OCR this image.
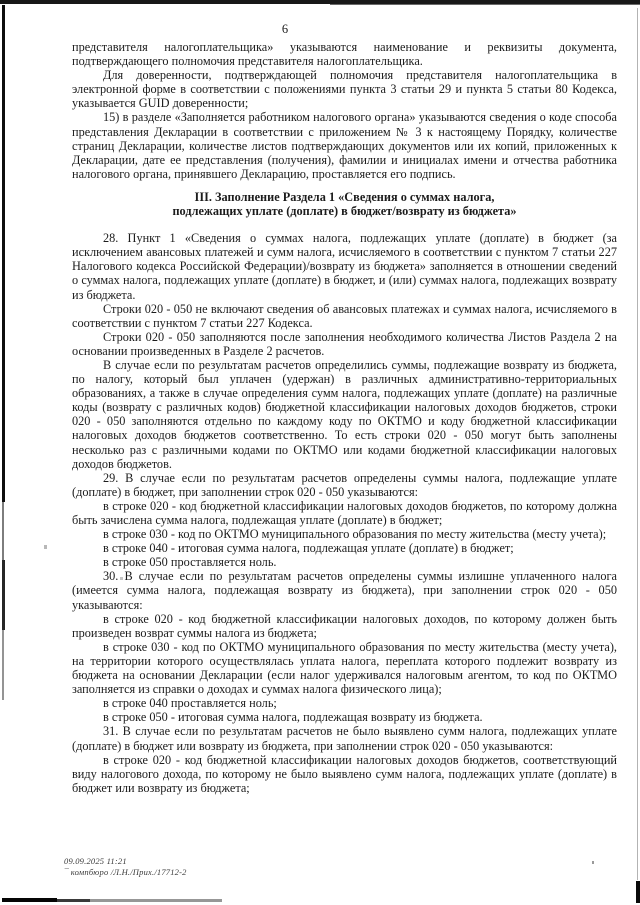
6

представителя налогоплательщика» указываются наименование и реквизиты документа, подтверждающего полномочия представителя налогоплательщика.

Для доверенности, подтверждающей полномочия представителя налогоплательщика в электронной форме в соответствии с положениями пункта 3 статьи 29 и пункта 5 статьи 80 Кодекса, указывается GUID доверенности;

15) в разделе «Заполняется работником налогового органа» указываются сведения о коде способа представления Декларации в соответствии с приложением № 3 к настоящему Порядку, количестве страниц Декларации, количестве листов подтверждающих документов или их копий, приложенных к Декларации, дате ее представления (получения), фамилии и инициалах имени и отчества работника налогового органа, принявшего Декларацию, проставляется его подпись.

III. Заполнение Раздела 1 «Сведения о суммах налога,
подлежащих уплате (доплате) в бюджет/возврату из бюджета»

28. Пункт 1 «Сведения о суммах налога, подлежащих уплате (доплате) в бюджет (за исключением авансовых платежей и сумм налога, исчисляемого в соответствии с пунктом 7 статьи 227 Налогового кодекса Российской Федерации)/возврату из бюджета» заполняется в отношении сведений о суммах налога, подлежащих уплате (доплате) в бюджет, и (или) суммах налога, подлежащих возврату из бюджета.

Строки 020 - 050 не включают сведения об авансовых платежах и суммах налога, исчисляемого в соответствии с пунктом 7 статьи 227 Кодекса.

Строки 020 - 050 заполняются после заполнения необходимого количества Листов Раздела 2 на основании произведенных в Разделе 2 расчетов.

В случае если по результатам расчетов определились суммы, подлежащие возврату из бюджета, по налогу, который был уплачен (удержан) в различных административно-территориальных образованиях, а также в случае определения сумм налога, подлежащих уплате (доплате) на различные коды (возврату с различных кодов) бюджетной классификации налоговых доходов бюджетов, строки 020 - 050 заполняются отдельно по каждому коду по ОКТМО и коду бюджетной классификации налоговых доходов бюджетов соответственно. То есть строки 020 - 050 могут быть заполнены несколько раз с различными кодами по ОКТМО или кодами бюджетной классификации налоговых доходов бюджетов.

29. В случае если по результатам расчетов определены суммы налога, подлежащие уплате (доплате) в бюджет, при заполнении строк 020 - 050 указываются:

в строке 020 - код бюджетной классификации налоговых доходов бюджетов, по которому должна быть зачислена сумма налога, подлежащая уплате (доплате) в бюджет;

в строке 030 - код по ОКТМО муниципального образования по месту жительства (месту учета);

в строке 040 - итоговая сумма налога, подлежащая уплате (доплате) в бюджет;

в строке 050 проставляется ноль.

30. В случае если по результатам расчетов определены суммы излишне уплаченного налога (имеется сумма налога, подлежащая возврату из бюджета), при заполнении строк 020 - 050 указываются:

в строке 020 - код бюджетной классификации налоговых доходов, по которому должен быть произведен возврат суммы налога из бюджета;

в строке 030 - код по ОКТМО муниципального образования по месту жительства (месту учета), на территории которого осуществлялась уплата налога, переплата которого подлежит возврату из бюджета на основании Декларации (если налог удерживался налоговым агентом, то код по ОКТМО заполняется из справки о доходах и суммах налога физического лица);

в строке 040 проставляется ноль;

в строке 050 - итоговая сумма налога, подлежащая возврату из бюджета.

31. В случае если по результатам расчетов не было выявлено сумм налога, подлежащих уплате (доплате) в бюджет или возврату из бюджета, при заполнении строк 020 - 050 указываются:

в строке 020 - код бюджетной классификации налоговых доходов бюджетов, соответствующий виду налогового дохода, по которому не было выявлено сумм налога, подлежащих уплате (доплате) в бюджет или возврату из бюджета;

09.09.2025 11:21
¯ компбюро /Л.Н./Прих./17712-2
